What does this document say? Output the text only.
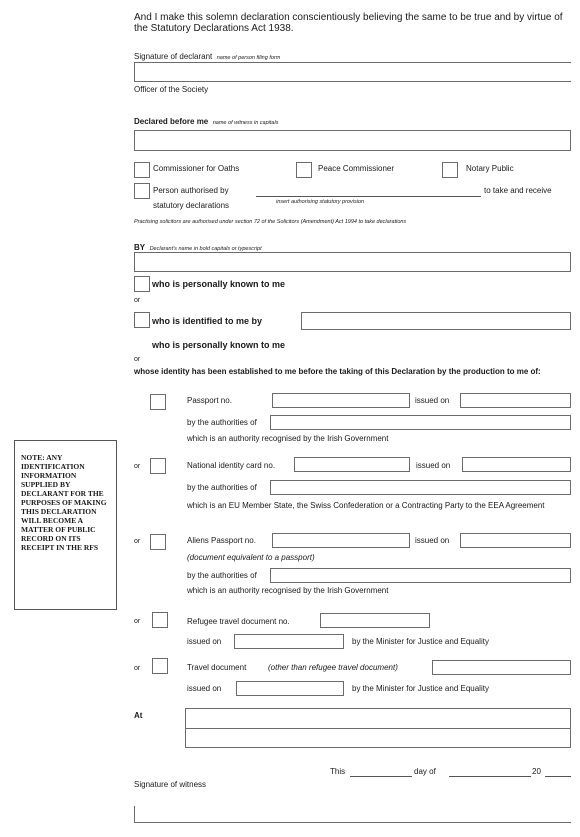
And I make this solemn declaration conscientiously believing the same to be true and by virtue of the Statutory Declarations Act 1938.
Signature of declarant name of person filing form
Officer of the Society
Declared before me name of witness in capitals
Commissioner for Oaths	Peace Commissioner	Notary Public
Person authorised by
statutory declarations	insert authorising statutory provision
to take and receive
Practising solicitors are authorised under section 72 of the Solicitors (Amendment) Act 1994 to take declarations
BY Declarant's name in bold capitals or typescript
who is personally known to me
or
who is identified to me by
who is personally known to me
or
whose identity has been established to me before the taking of this Declaration by the production to me of:
NOTE: ANY IDENTIFICATION INFORMATION SUPPLIED BY DECLARANT FOR THE PURPOSES OF MAKING THIS DECLARATION WILL BECOME A MATTER OF PUBLIC RECORD ON ITS RECEIPT IN THE RFS
Passport no.	issued on
by the authorities of
which is an authority recognised by the Irish Government
or	National identity card no.	issued on
by the authorities of
which is an EU Member State, the Swiss Confederation or a Contracting Party to the EEA Agreement
or	Aliens Passport no.	issued on
(document equivalent to a passport)
by the authorities of
which is an authority recognised by the Irish Government
or	Refugee travel document no.
issued on	by the Minister for Justice and Equality
or	Travel document	(other than refugee travel document)
issued on	by the Minister for Justice and Equality
At
This	day of	20
Signature of witness
